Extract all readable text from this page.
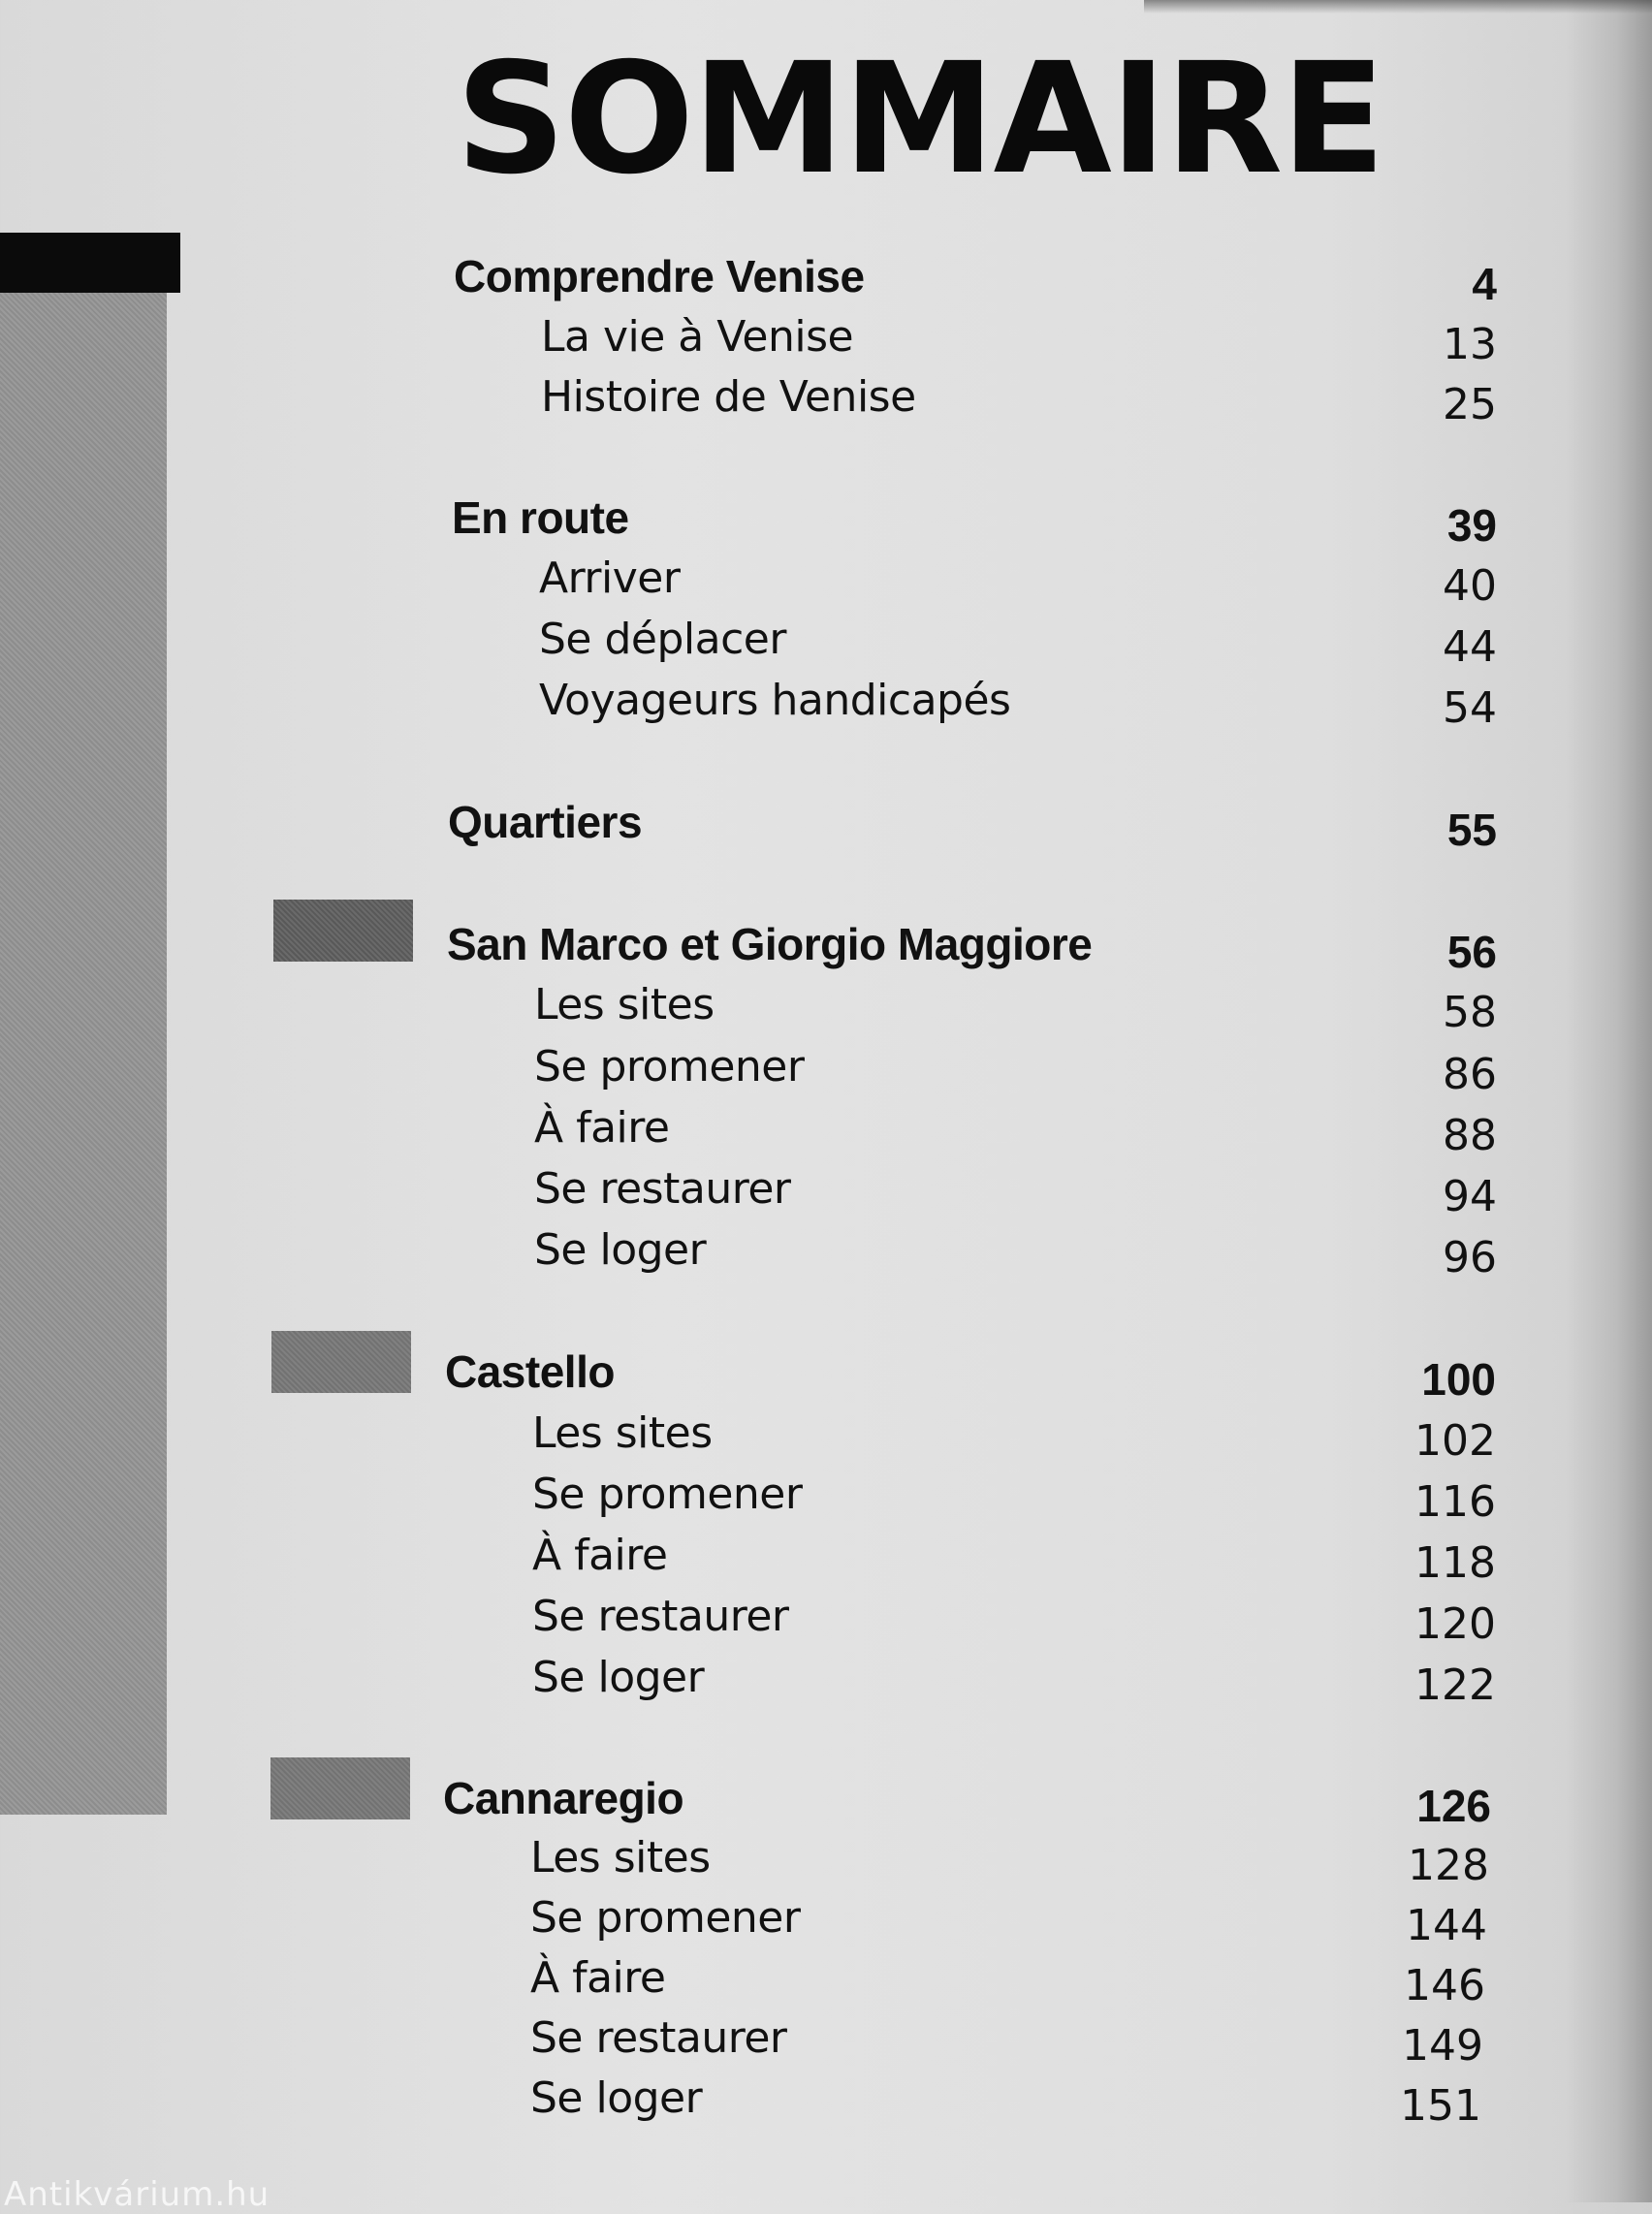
SOMMAIRE
Comprendre Venise	4
La vie à Venise	13
Histoire de Venise	25
En route	39
Arriver	40
Se déplacer	44
Voyageurs handicapés	54
Quartiers	55
San Marco et Giorgio Maggiore	56
Les sites	58
Se promener	86
À faire	88
Se restaurer	94
Se loger	96
Castello	100
Les sites	102
Se promener	116
À faire	118
Se restaurer	120
Se loger	122
Cannaregio	126
Les sites	128
Se promener	144
À faire	146
Se restaurer	149
Se loger	151
Antikvárium.hu
